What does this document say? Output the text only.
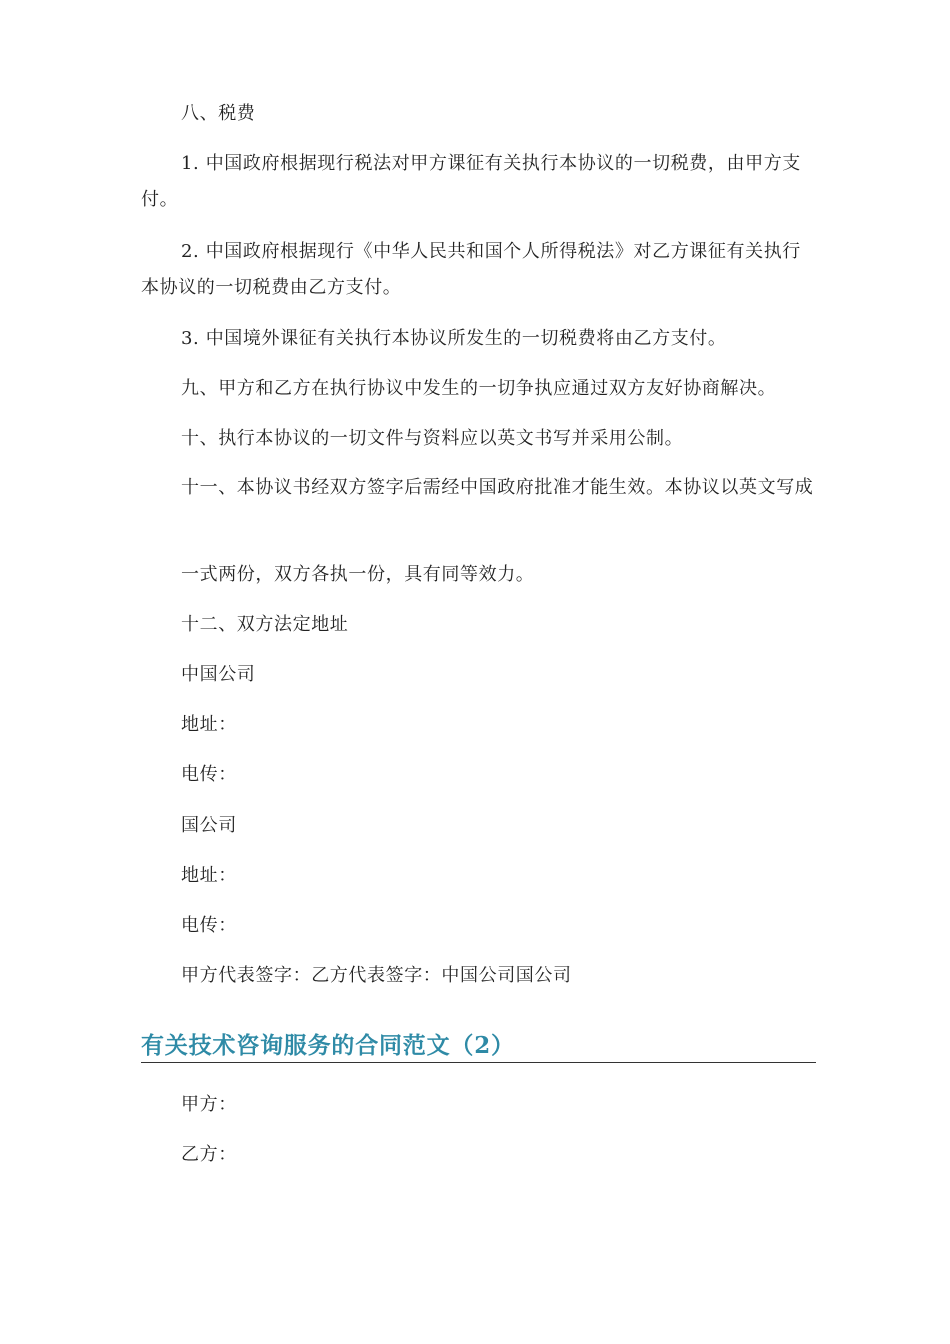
八、税费

1. 中国政府根据现行税法对甲方课征有关执行本协议的一切税费，由甲方支付。

2. 中国政府根据现行《中华人民共和国个人所得税法》对乙方课征有关执行本协议的一切税费由乙方支付。

3. 中国境外课征有关执行本协议所发生的一切税费将由乙方支付。

九、甲方和乙方在执行协议中发生的一切争执应通过双方友好协商解决。

十、执行本协议的一切文件与资料应以英文书写并采用公制。

十一、本协议书经双方签字后需经中国政府批准才能生效。本协议以英文写成

一式两份，双方各执一份，具有同等效力。

十二、双方法定地址

中国公司

地址：

电传：

国公司

地址：

电传：

甲方代表签字：乙方代表签字：中国公司国公司

有关技术咨询服务的合同范文（2）

甲方：

乙方：
